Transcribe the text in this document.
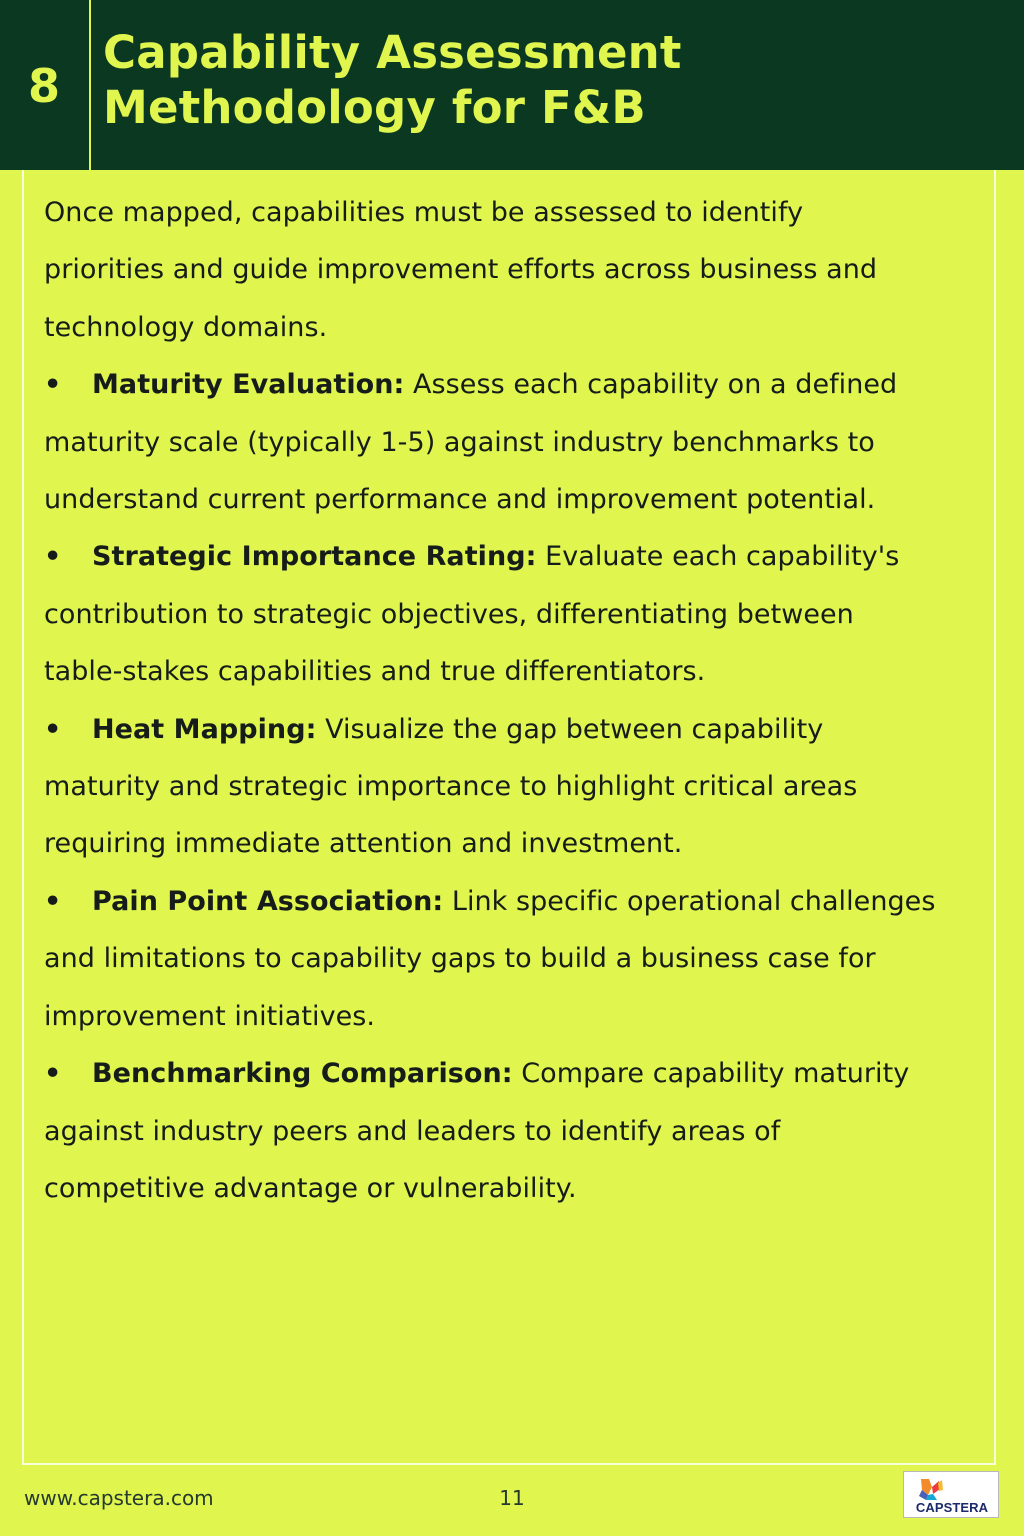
8
Capability Assessment
Methodology for F&B
Once mapped, capabilities must be assessed to identify
priorities and guide improvement efforts across business and
technology domains.
• Maturity Evaluation: Assess each capability on a defined
maturity scale (typically 1-5) against industry benchmarks to
understand current performance and improvement potential.
• Strategic Importance Rating: Evaluate each capability's
contribution to strategic objectives, differentiating between
table-stakes capabilities and true differentiators.
• Heat Mapping: Visualize the gap between capability
maturity and strategic importance to highlight critical areas
requiring immediate attention and investment.
• Pain Point Association: Link specific operational challenges
and limitations to capability gaps to build a business case for
improvement initiatives.
• Benchmarking Comparison: Compare capability maturity
against industry peers and leaders to identify areas of
competitive advantage or vulnerability.
www.capstera.com	11	CAPSTERA
